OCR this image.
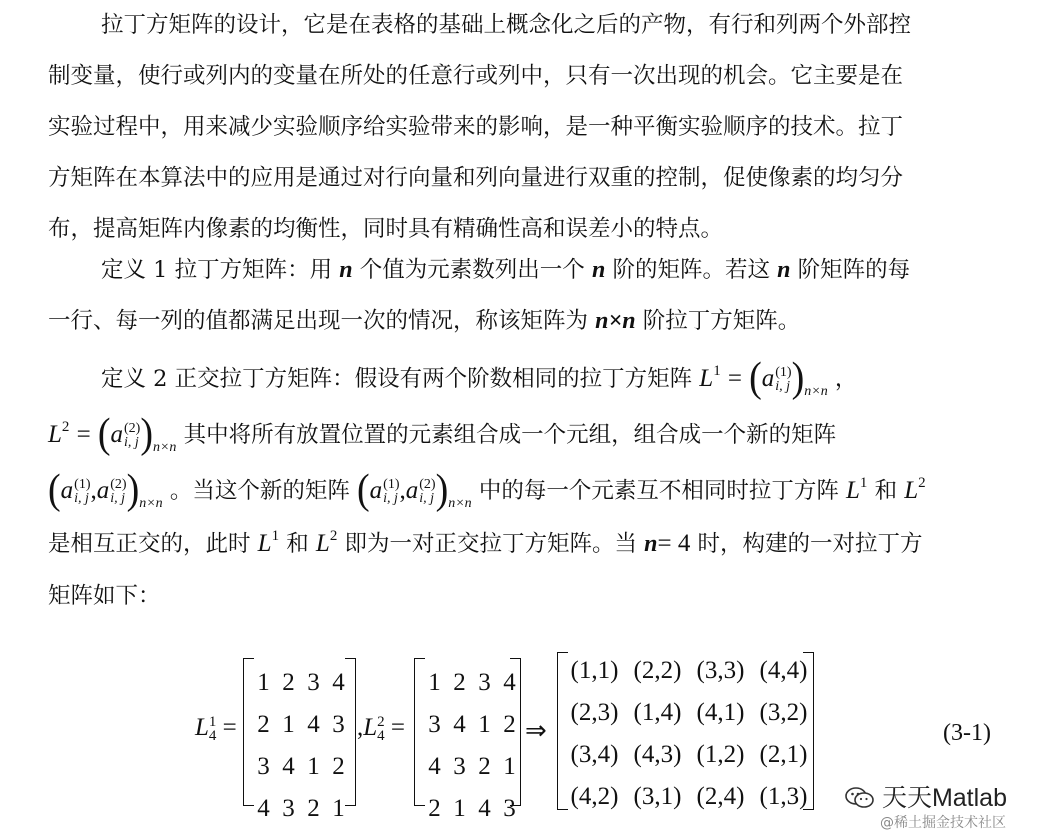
拉丁方矩阵的设计，它是在表格的基础上概念化之后的产物，有行和列两个外部控
制变量，使行或列内的变量在所处的任意行或列中，只有一次出现的机会。它主要是在
实验过程中，用来减少实验顺序给实验带来的影响，是一种平衡实验顺序的技术。拉丁
方矩阵在本算法中的应用是通过对行向量和列向量进行双重的控制，促使像素的均匀分
布，提高矩阵内像素的均衡性，同时具有精确性高和误差小的特点。
定义 1 拉丁方矩阵：用 n 个值为元素数列出一个 n 阶的矩阵。若这 n 阶矩阵的每
一行、每一列的值都满足出现一次的情况，称该矩阵为 n×n 阶拉丁方矩阵。
定义 2 正交拉丁方矩阵：假设有两个阶数相同的拉丁方矩阵 $L^1 = (a$ (1)
i, j )$_{n\times n}$ ，
$L^2 = (a$ (2)
i, j )$_{n\times n}$ 其中将所有放置位置的元素组合成一个元组，组合成一个新的矩阵
(a (1)
i, j ,a (2)
i, j )$_{n\times n}$ 。当这个新的矩阵 (a (1)
i, j ,a (2)
i, j )$_{n\times n}$ 中的每一个元素互不相同时拉丁方阵 $L^1$ 和 $L^2$
是相互正交的，此时 $L^1$ 和 $L^2$ 即为一对正交拉丁方矩阵。当 n= 4 时，构建的一对拉丁方
矩阵如下：
L 1
4 =
1 2 3 4
2 1 4 3
3 4 1 2
4 3 2 1
,L 2
4 =
1 2 3 4
3 4 1 2
4 3 2 1
2 1 4 3
⇒
(1,1) (2,2) (3,3) (4,4)
(2,3) (1,4) (4,1) (3,2)
(3,4) (4,3) (1,2) (2,1)
(4,2) (3,1) (2,4) (1,3)
(3-1)
天天Matlab
@稀土掘金技术社区
